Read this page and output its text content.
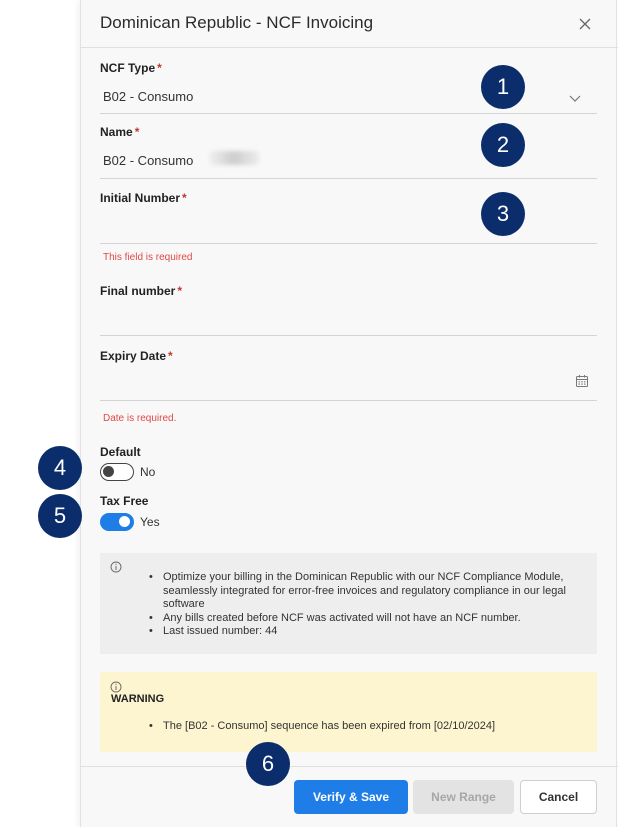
Dominican Republic - NCF Invoicing
NCF Type *
B02 - Consumo
Name *
B02 - Consumo
Initial Number *
This field is required
Final number *
Expiry Date *
Date is required.
Default
No
Tax Free
Yes
• Optimize your billing in the Dominican Republic with our NCF Compliance Module, seamlessly integrated for error-free invoices and regulatory compliance in our legal software
• Any bills created before NCF was activated will not have an NCF number.
• Last issued number: 44
WARNING
• The [B02 - Consumo] sequence has been expired from [02/10/2024]
Verify & Save	New Range	Cancel
1
2
3
4
5
6
